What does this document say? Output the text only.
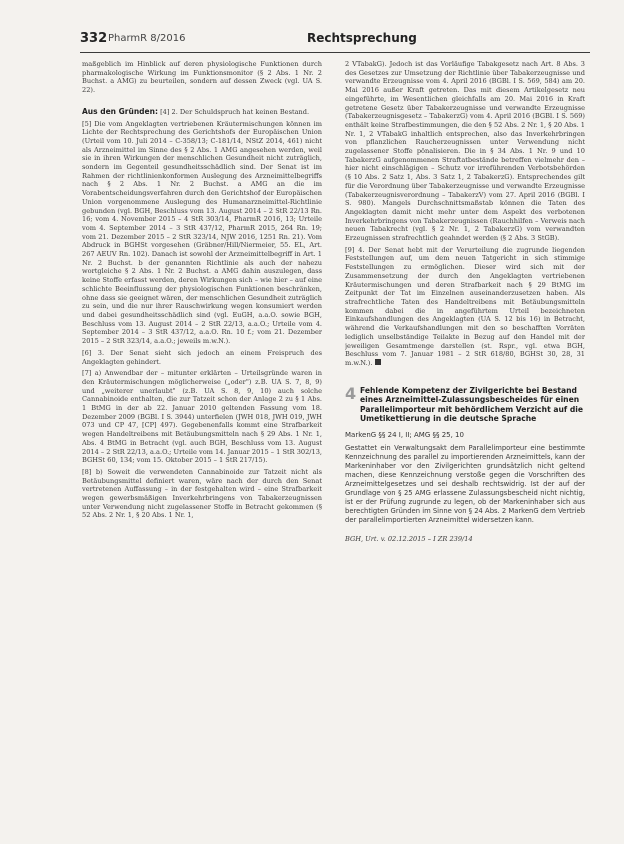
332 PharmR 8/2016	Rechtsprechung

maßgeblich im Hinblick auf deren physiologische Funktionen durch pharmakologische Wirkung im Funktionsmonitor (§ 2 Abs. 1 Nr. 2 Buchst. a AMG) zu beurteilen, sondern auf dessen Zweck (vgl. UA S. 22).

Aus den Gründen: [4] 2. Der Schuldspruch hat keinen Bestand.

[5] Die vom Angeklagten vertriebenen Kräutermischungen können im Lichte der Rechtsprechung des Gerichtshofs der Europäischen Union (Urteil vom 10. Juli 2014 – C-358/13; C-181/14, NStZ 2014, 461) nicht als Arzneimittel im Sinne des § 2 Abs. 1 AMG angesehen werden, weil sie in ihren Wirkungen der menschlichen Gesundheit nicht zuträglich, sondern im Gegenteil gesundheitsschädlich sind. Der Senat ist im Rahmen der richtlinienkonformen Auslegung des Arzneimittelbegriffs nach § 2 Abs. 1 Nr. 2 Buchst. a AMG an die im Vorabentscheidungsverfahren durch den Gerichtshof der Europäischen Union vorgenommene Auslegung des Humanarzneimittel-Richtlinie gebunden (vgl. BGH, Beschluss vom 13. August 2014 – 2 StR 22/13 Rn. 16; vom 4. November 2015 – 4 StR 303/14, PharmR 2016, 13; Urteile vom 4. September 2014 – 3 StR 437/12, PharmR 2015, 264 Rn. 19; vom 21. Dezember 2015 – 2 StR 323/14, NJW 2016, 1251 Rn. 21). Vom Abdruck in BGHSt vorgesehen (Gräbner/Hill/Niermeier, 55. EL, Art. 267 AEUV Rn. 102). Danach ist sowohl der Arzneimittelbegriff in Art. 1 Nr. 2 Buchst. b der genannten Richtlinie als auch der nahezu wortgleiche § 2 Abs. 1 Nr. 2 Buchst. a AMG dahin auszulegen, dass keine Stoffe erfasst werden, deren Wirkungen sich – wie hier – auf eine schlichte Beeinflussung der physiologischen Funktionen beschränken, ohne dass sie geeignet wären, der menschlichen Gesundheit zuträglich zu sein, und die nur ihrer Rauschwirkung wegen konsumiert werden und dabei gesundheitsschädlich sind (vgl. EuGH, a.a.O. sowie BGH, Beschluss vom 13. August 2014 – 2 StR 22/13, a.a.O.; Urteile vom 4. September 2014 – 3 StR 437/12, a.a.O. Rn. 10 f.; vom 21. Dezember 2015 – 2 StR 323/14, a.a.O.; jeweils m.w.N.).

[6] 3. Der Senat sieht sich jedoch an einem Freispruch des Angeklagten gehindert.

[7] a) Anwendbar der – mitunter erklärten – Urteilsgründe waren in den Kräutermischungen möglicherweise („oder") z.B. UA S. 7, 8, 9) und „weiterer unerlaubt" (z.B. UA S. 8, 9, 10) auch solche Cannabinoide enthalten, die zur Tatzeit schon der Anlage 2 zu § 1 Abs. 1 BtMG in der ab 22. Januar 2010 geltenden Fassung vom 18. Dezember 2009 (BGBl. I S. 3944) unterfielen (JWH 018, JWH 019, JWH 073 und CP 47, [CP] 497). Gegebenenfalls kommt eine Strafbarkeit wegen Handeltreibens mit Betäubungsmitteln nach § 29 Abs. 1 Nr. 1, Abs. 4 BtMG in Betracht (vgl. auch BGH, Beschluss vom 13. August 2014 – 2 StR 22/13, a.a.O.; Urteile vom 14. Januar 2015 – 1 StR 302/13, BGHSt 60, 134; vom 15. Oktober 2015 – 1 StR 217/15).

[8] b) Soweit die verwendeten Cannabinoide zur Tatzeit nicht als Betäubungsmittel definiert waren, wäre nach der durch den Senat vertretenen Auffassung – in der festgehalten wird – eine Strafbarkeit wegen gewerbsmäßigen Inverkehrbringens von Tabakerzeugnissen unter Verwendung nicht zugelassener Stoffe in Betracht gekommen (§ 52 Abs. 2 Nr. 1, § 20 Abs. 1 Nr. 1,

2 VTabakG). Jedoch ist das Vorläufige Tabakgesetz nach Art. 8 Abs. 3 des Gesetzes zur Umsetzung der Richtlinie über Tabakerzeugnisse und verwandte Erzeugnisse vom 4. April 2016 (BGBl. I S. 569, 584) am 20. Mai 2016 außer Kraft getreten. Das mit diesem Artikelgesetz neu eingeführte, im Wesentlichen gleichfalls am 20. Mai 2016 in Kraft getretene Gesetz über Tabakerzeugnisse und verwandte Erzeugnisse (Tabakerzeugnisgesetz – TabakerzG) vom 4. April 2016 (BGBl. I S. 569) enthält keine Strafbestimmungen, die den § 52 Abs. 2 Nr. 1, § 20 Abs. 1 Nr. 1, 2 VTabakG inhaltlich entsprechen, also das Inverkehrbringen von pflanzlichen Raucherzeugnissen unter Verwendung nicht zugelassener Stoffe pönalisieren. Die in § 34 Abs. 1 Nr. 9 und 10 TabakerzG aufgenommenen Straftatbestände betreffen vielmehr den – hier nicht einschlägigen – Schutz vor irreführenden Verbotsbehörden (§ 10 Abs. 2 Satz 1, Abs. 3 Satz 1, 2 TabakerzG). Entsprechendes gilt für die Verordnung über Tabakerzeugnisse und verwandte Erzeugnisse (Tabakerzeugnisverordnung – TabakerzV) vom 27. April 2016 (BGBl. I S. 980). Mangels Durchschnittsmaßstab können die Taten des Angeklagten damit nicht mehr unter dem Aspekt des verbotenen Inverkehrbringens von Tabakerzeugnissen (Rauchhilfen – Verweis nach neuen Tabakrecht (vgl. § 2 Nr. 1, 2 TabakerzG) vom verwandten Erzeugnissen strafrechtlich geahndet werden (§ 2 Abs. 3 StGB).

[9] 4. Der Senat hebt mit der Verurteilung die zugrunde liegenden Feststellungen auf, um dem neuen Tatgericht in sich stimmige Feststellungen zu ermöglichen. Dieser wird sich mit der Zusammensetzung der durch den Angeklagten vertriebenen Kräutermischungen und deren Strafbarkeit nach § 29 BtMG im Zeitpunkt der Tat im Einzelnen auseinanderzusetzen haben. Als strafrechtliche Taten des Handeltreibens mit Betäubungsmitteln kommen dabei die in angeführtem Urteil bezeichneten Einkaufshandlungen des Angeklagten (UA S. 12 bis 16) in Betracht, während die Verkaufshandlungen mit den so beschafften Vorräten lediglich unselbständige Teilakte in Bezug auf den Handel mit der jeweiligen Gesamtmenge darstellen (st. Rspr., vgl. etwa BGH, Beschluss vom 7. Januar 1981 – 2 StR 618/80, BGHSt 30, 28, 31 m.w.N.).

4 Fehlende Kompetenz der Zivilgerichte bei Bestand eines Arzneimittel-Zulassungsbescheides für einen Parallelimporteur mit behördlichem Verzicht auf die Umetikettierung in die deutsche Sprache
MarkenG §§ 24 I, II; AMG §§ 25, 10

Gestattet ein Verwaltungsakt dem Parallelimporteur eine bestimmte Kennzeichnung des parallel zu importierenden Arzneimittels, kann der Markeninhaber vor den Zivilgerichten grundsätzlich nicht geltend machen, diese Kennzeichnung verstoße gegen die Vorschriften des Arzneimittelgesetzes und sei deshalb rechtswidrig. Ist der auf der Grundlage von § 25 AMG erlassene Zulassungsbescheid nicht nichtig, ist er der Prüfung zugrunde zu legen, ob der Markeninhaber sich aus berechtigten Gründen im Sinne von § 24 Abs. 2 MarkenG dem Vertrieb der parallelimportierten Arzneimittel widersetzen kann.

BGH, Urt. v. 02.12.2015 – I ZR 239/14
